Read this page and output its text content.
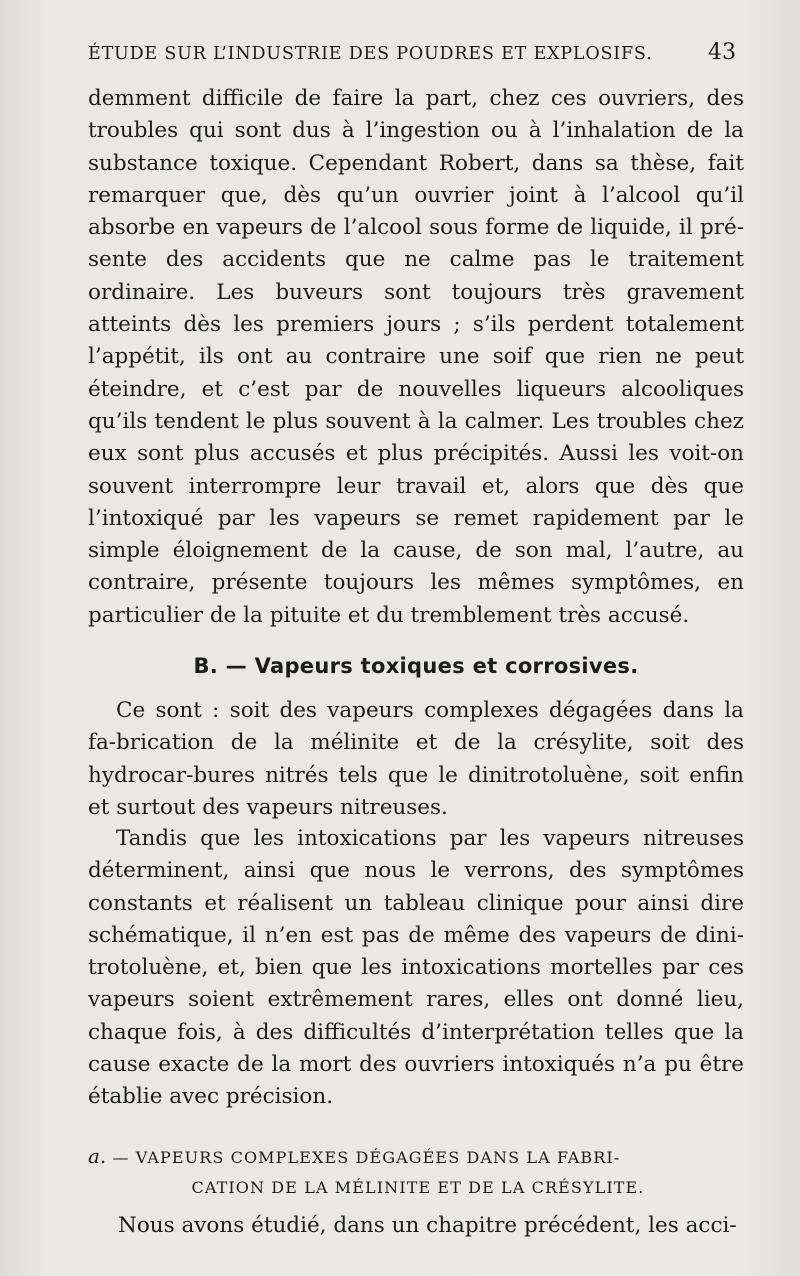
ÉTUDE SUR L’INDUSTRIE DES POUDRES ET EXPLOSIFS.	43

demment difficile de faire la part, chez ces ouvriers, des troubles qui sont dus à l’ingestion ou à l’inhalation de la substance toxique. Cependant Robert, dans sa thèse, fait remarquer que, dès qu’un ouvrier joint à l’alcool qu’il absorbe en vapeurs de l’alcool sous forme de liquide, il pré-sente des accidents que ne calme pas le traitement ordinaire. Les buveurs sont toujours très gravement atteints dès les premiers jours ; s’ils perdent totalement l’appétit, ils ont au contraire une soif que rien ne peut éteindre, et c’est par de nouvelles liqueurs alcooliques qu’ils tendent le plus souvent à la calmer. Les troubles chez eux sont plus accusés et plus précipités. Aussi les voit-on souvent interrompre leur travail et, alors que dès que l’intoxiqué par les vapeurs se remet rapidement par le simple éloignement de la cause, de son mal, l’autre, au contraire, présente toujours les mêmes symptômes, en particulier de la pituite et du tremblement très accusé.

B. — Vapeurs toxiques et corrosives.

Ce sont : soit des vapeurs complexes dégagées dans la fa-brication de la mélinite et de la crésylite, soit des hydrocar-bures nitrés tels que le dinitrotoluène, soit enfin et surtout des vapeurs nitreuses.

Tandis que les intoxications par les vapeurs nitreuses déterminent, ainsi que nous le verrons, des symptômes constants et réalisent un tableau clinique pour ainsi dire schématique, il n’en est pas de même des vapeurs de dini-trotoluène, et, bien que les intoxications mortelles par ces vapeurs soient extrêmement rares, elles ont donné lieu, chaque fois, à des difficultés d’interprétation telles que la cause exacte de la mort des ouvriers intoxiqués n’a pu être établie avec précision.

a. — VAPEURS COMPLEXES DÉGAGÉES DANS LA FABRI-
CATION DE LA MÉLINITE ET DE LA CRÉSYLITE.

Nous avons étudié, dans un chapitre précédent, les acci-
